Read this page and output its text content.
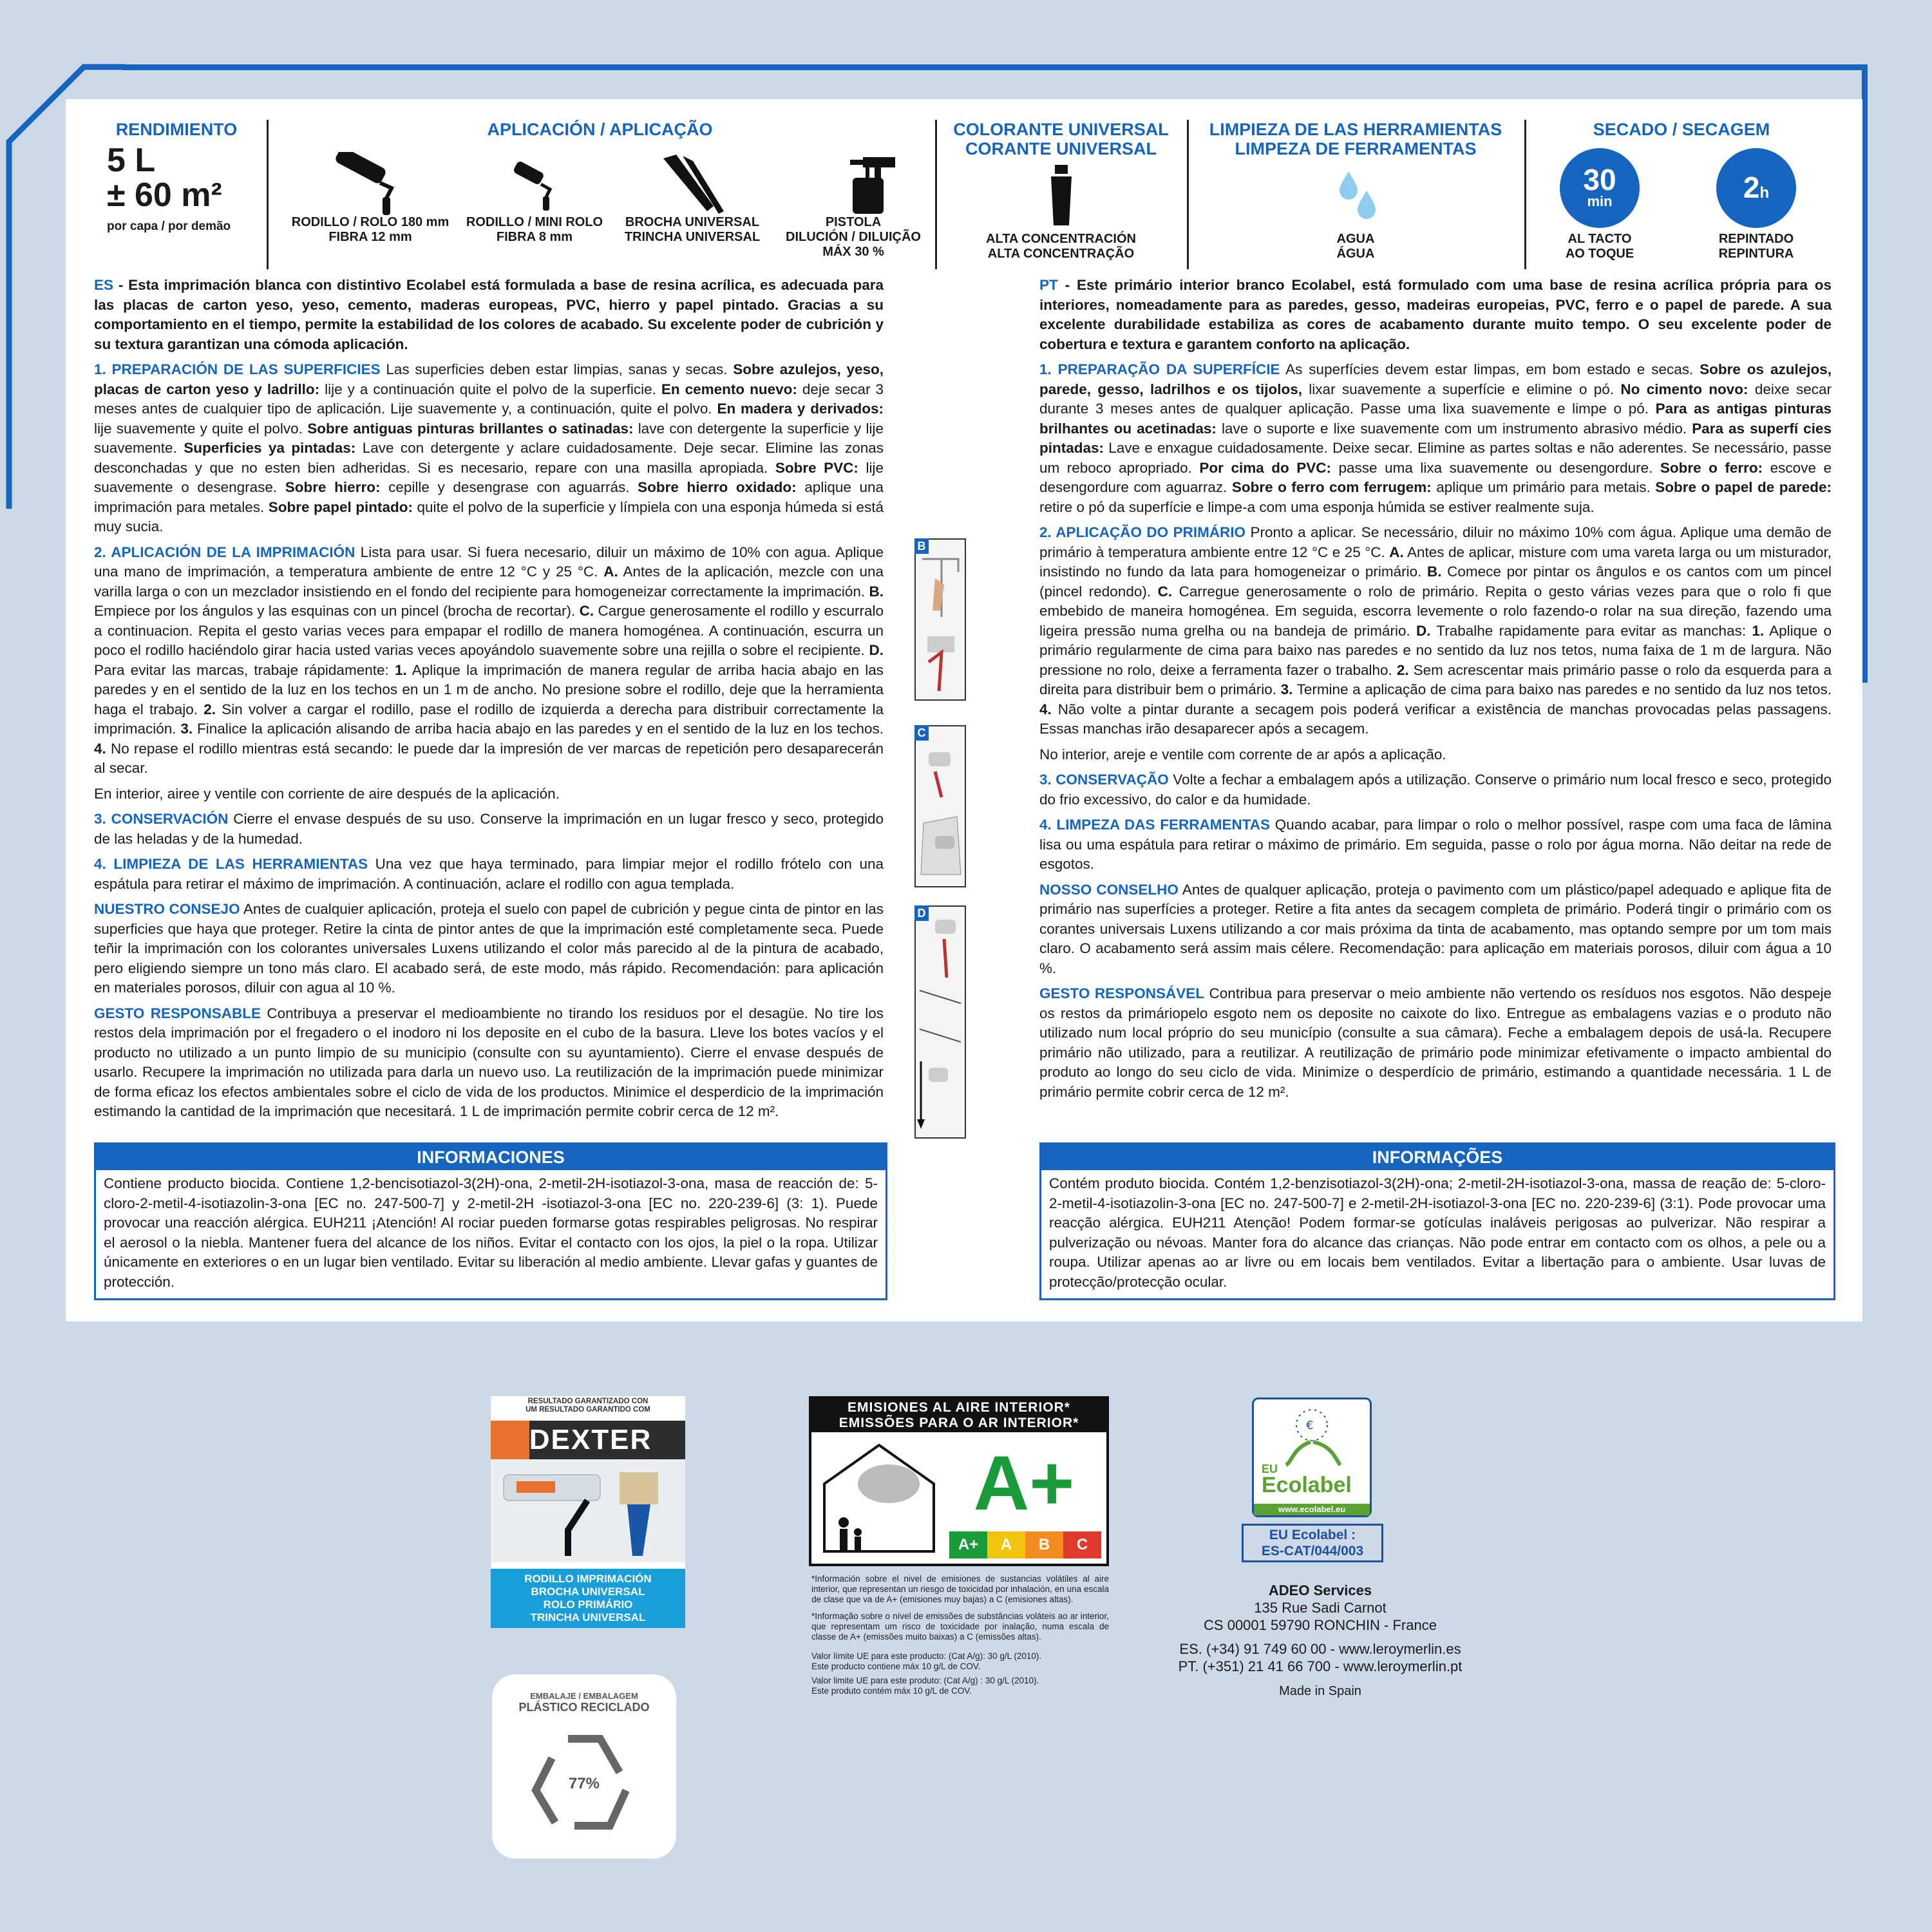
RENDIMIENTO
5 L
± 60 m²
por capa / por demão
APLICACIÓN / APLICAÇÃO
RODILLO / ROLO 180 mm
FIBRA 12 mm
RODILLO / MINI ROLO
FIBRA 8 mm
BROCHA UNIVERSAL
TRINCHA UNIVERSAL
PISTOLA
DILUCIÓN / DILUIÇÃO
MÁX 30 %
COLORANTE UNIVERSAL
CORANTE UNIVERSAL
ALTA CONCENTRACIÓN
ALTA CONCENTRAÇÃO
LIMPIEZA DE LAS HERRAMIENTAS
LIMPEZA DE FERRAMENTAS
AGUA
ÁGUA
SECADO / SECAGEM
30
min	2h
AL TACTO
AO TOQUE
REPINTADO
REPINTURA

ES - Esta imprimación blanca con distintivo Ecolabel está formulada a base de resina acrílica, es adecuada para las placas de carton yeso, yeso, cemento, maderas europeas, PVC, hierro y papel pintado. Gracias a su comportamiento en el tiempo, permite la estabilidad de los colores de acabado. Su excelente poder de cubrición y su textura garantizan una cómoda aplicación.

1. PREPARACIÓN DE LAS SUPERFICIES Las superficies deben estar limpias, sanas y secas. Sobre azulejos, yeso, placas de carton yeso y ladrillo: lije y a continuación quite el polvo de la superficie. En cemento nuevo: deje secar 3 meses antes de cualquier tipo de aplicación. Lije suavemente y, a continuación, quite el polvo. En madera y derivados: lije suavemente y quite el polvo. Sobre antiguas pinturas brillantes o satinadas: lave con detergente la superficie y lije suavemente. Superficies ya pintadas: Lave con detergente y aclare cuidadosamente. Deje secar. Elimine las zonas desconchadas y que no esten bien adheridas. Si es necesario, repare con una masilla apropiada. Sobre PVC: lije suavemente o desengrase. Sobre hierro: cepille y desengrase con aguarrás. Sobre hierro oxidado: aplique una imprimación para metales. Sobre papel pintado: quite el polvo de la superficie y límpiela con una esponja húmeda si está muy sucia.

2. APLICACIÓN DE LA IMPRIMACIÓN Lista para usar. Si fuera necesario, diluir un máximo de 10% con agua. Aplique una mano de imprimación, a temperatura ambiente de entre 12 °C y 25 °C. A. Antes de la aplicación, mezcle con una varilla larga o con un mezclador insistiendo en el fondo del recipiente para homogeneizar correctamente la imprimación. B. Empiece por los ángulos y las esquinas con un pincel (brocha de recortar). C. Cargue generosamente el rodillo y escurralo a continuacion. Repita el gesto varias veces para empapar el rodillo de manera homogénea. A continuación, escurra un poco el rodillo haciéndolo girar hacia usted varias veces apoyándolo suavemente sobre una rejilla o sobre el recipiente. D. Para evitar las marcas, trabaje rápidamente: 1. Aplique la imprimación de manera regular de arriba hacia abajo en las paredes y en el sentido de la luz en los techos en un 1 m de ancho. No presione sobre el rodillo, deje que la herramienta haga el trabajo. 2. Sin volver a cargar el rodillo, pase el rodillo de izquierda a derecha para distribuir correctamente la imprimación. 3. Finalice la aplicación alisando de arriba hacia abajo en las paredes y en el sentido de la luz en los techos. 4. No repase el rodillo mientras está secando: le puede dar la impresión de ver marcas de repetición pero desaparecerán al secar.

En interior, airee y ventile con corriente de aire después de la aplicación.

3. CONSERVACIÓN Cierre el envase después de su uso. Conserve la imprimación en un lugar fresco y seco, protegido de las heladas y de la humedad.

4. LIMPIEZA DE LAS HERRAMIENTAS Una vez que haya terminado, para limpiar mejor el rodillo frótelo con una espátula para retirar el máximo de imprimación. A continuación, aclare el rodillo con agua templada.

NUESTRO CONSEJO Antes de cualquier aplicación, proteja el suelo con papel de cubrición y pegue cinta de pintor en las superficies que haya que proteger. Retire la cinta de pintor antes de que la imprimación esté completamente seca. Puede teñir la imprimación con los colorantes universales Luxens utilizando el color más parecido al de la pintura de acabado, pero eligiendo siempre un tono más claro. El acabado será, de este modo, más rápido. Recomendación: para aplicación en materiales porosos, diluir con agua al 10 %.

GESTO RESPONSABLE Contribuya a preservar el medioambiente no tirando los residuos por el desagüe. No tire los restos dela imprimación por el fregadero o el inodoro ni los deposite en el cubo de la basura. Lleve los botes vacíos y el producto no utilizado a un punto limpio de su municipio (consulte con su ayuntamiento). Cierre el envase después de usarlo. Recupere la imprimación no utilizada para darla un nuevo uso. La reutilización de la imprimación puede minimizar de forma eficaz los efectos ambientales sobre el ciclo de vida de los productos. Minimice el desperdicio de la imprimación estimando la cantidad de la imprimación que necesitará. 1 L de imprimación permite cobrir cerca de 12 m².

INFORMACIONES
Contiene producto biocida. Contiene 1,2-bencisotiazol-3(2H)-ona, 2-metil-2H-isotiazol-3-ona, masa de reacción de: 5-cloro-2-metil-4-isotiazolin-3-ona [EC no. 247-500-7] y 2-metil-2H -isotiazol-3-ona [EC no. 220-239-6] (3: 1). Puede provocar una reacción alérgica. EUH211 ¡Atención! Al rociar pueden formarse gotas respirables peligrosas. No respirar el aerosol o la niebla. Mantener fuera del alcance de los niños. Evitar el contacto con los ojos, la piel o la ropa. Utilizar únicamente en exteriores o en un lugar bien ventilado. Evitar su liberación al medio ambiente. Llevar gafas y guantes de protección.
B
C
D

PT - Este primário interior branco Ecolabel, está formulado com uma base de resina acrílica própria para os interiores, nomeadamente para as paredes, gesso, madeiras europeias, PVC, ferro e o papel de parede. A sua excelente durabilidade estabiliza as cores de acabamento durante muito tempo. O seu excelente poder de cobertura e textura e garantem conforto na aplicação.

1. PREPARAÇÃO DA SUPERFÍCIE As superfícies devem estar limpas, em bom estado e secas. Sobre os azulejos, parede, gesso, ladrilhos e os tijolos, lixar suavemente a superfície e elimine o pó. No cimento novo: deixe secar durante 3 meses antes de qualquer aplicação. Passe uma lixa suavemente e limpe o pó. Para as antigas pinturas brilhantes ou acetinadas: lave o suporte e lixe suavemente com um instrumento abrasivo médio. Para as superfí cies pintadas: Lave e enxague cuidadosamente. Deixe secar. Elimine as partes soltas e não aderentes. Se necessário, passe um reboco apropriado. Por cima do PVC: passe uma lixa suavemente ou desengordure. Sobre o ferro: escove e desengordure com aguarraz. Sobre o ferro com ferrugem: aplique um primário para metais. Sobre o papel de parede: retire o pó da superfície e limpe-a com uma esponja húmida se estiver realmente suja.

2. APLICAÇÃO DO PRIMÁRIO Pronto a aplicar. Se necessário, diluir no máximo 10% com água. Aplique uma demão de primário à temperatura ambiente entre 12 °C e 25 °C. A. Antes de aplicar, misture com uma vareta larga ou um misturador, insistindo no fundo da lata para homogeneizar o primário. B. Comece por pintar os ângulos e os cantos com um pincel (pincel redondo). C. Carregue generosamente o rolo de primário. Repita o gesto várias vezes para que o rolo fi que embebido de maneira homogénea. Em seguida, escorra levemente o rolo fazendo-o rolar na sua direção, fazendo uma ligeira pressão numa grelha ou na bandeja de primário. D. Trabalhe rapidamente para evitar as manchas: 1. Aplique o primário regularmente de cima para baixo nas paredes e no sentido da luz nos tetos, numa faixa de 1 m de largura. Não pressione no rolo, deixe a ferramenta fazer o trabalho. 2. Sem acrescentar mais primário passe o rolo da esquerda para a direita para distribuir bem o primário. 3. Termine a aplicação de cima para baixo nas paredes e no sentido da luz nos tetos. 4. Não volte a pintar durante a secagem pois poderá verificar a existência de manchas provocadas pelas passagens. Essas manchas irão desaparecer após a secagem.

No interior, areje e ventile com corrente de ar após a aplicação.

3. CONSERVAÇÃO Volte a fechar a embalagem após a utilização. Conserve o primário num local fresco e seco, protegido do frio excessivo, do calor e da humidade.

4. LIMPEZA DAS FERRAMENTAS Quando acabar, para limpar o rolo o melhor possível, raspe com uma faca de lâmina lisa ou uma espátula para retirar o máximo de primário. Em seguida, passe o rolo por água morna. Não deitar na rede de esgotos.

NOSSO CONSELHO Antes de qualquer aplicação, proteja o pavimento com um plástico/papel adequado e aplique fita de primário nas superfícies a proteger. Retire a fita antes da secagem completa de primário. Poderá tingir o primário com os corantes universais Luxens utilizando a cor mais próxima da tinta de acabamento, mas optando sempre por um tom mais claro. O acabamento será assim mais célere. Recomendação: para aplicação em materiais porosos, diluir com água a 10 %.

GESTO RESPONSÁVEL Contribua para preservar o meio ambiente não vertendo os resíduos nos esgotos. Não despeje os restos da primáriopelo esgoto nem os deposite no caixote do lixo. Entregue as embalagens vazias e o produto não utilizado num local próprio do seu município (consulte a sua câmara). Feche a embalagem depois de usá-la. Recupere primário não utilizado, para a reutilizar. A reutilização de primário pode minimizar efetivamente o impacto ambiental do produto ao longo do seu ciclo de vida. Minimize o desperdício de primário, estimando a quantidade necessária. 1 L de primário permite cobrir cerca de 12 m².

INFORMAÇÕES
Contém produto biocida. Contém 1,2-benzisotiazol-3(2H)-ona; 2-metil-2H-isotiazol-3-ona, massa de reação de: 5-cloro-2-metil-4-isotiazolin-3-ona [EC no. 247-500-7] e 2-metil-2H-isotiazol-3-ona [EC no. 220-239-6] (3:1). Pode provocar uma reacção alérgica. EUH211 Atenção! Podem formar-se gotículas inaláveis perigosas ao pulverizar. Não respirar a pulverização ou névoas. Manter fora do alcance das crianças. Não pode entrar em contacto com os olhos, a pele ou a roupa. Utilizar apenas ao ar livre ou em locais bem ventilados. Evitar a libertação para o ambiente. Usar luvas de protecção/protecção ocular.
RESULTADO GARANTIZADO CON
UM RESULTADO GARANTIDO COM
DEXTER
RODILLO IMPRIMACIÓN
BROCHA UNIVERSAL
ROLO PRIMÁRIO
TRINCHA UNIVERSAL
EMBALAJE / EMBALAGEM
PLÁSTICO RECICLADO
77%
EMISIONES AL AIRE INTERIOR*
EMISSÕES PARA O AR INTERIOR*
A+
A+	A	B	C
*Información sobre el nivel de emisiones de sustancias volátiles al aire interior, que representan un riesgo de toxicidad por inhalación, en una escala de clase que va de A+ (emisiones muy bajas) a C (emisiones altas).
*Informação sobre o nível de emissões de substâncias voláteis ao ar interior, que representam um risco de toxicidade por inalação, numa escala de classe de A+ (emissões muito baixas) a C (emissões altas).
Valor límite UE para este producto: (Cat A/g): 30 g/L (2010).
Este producto contiene máx 10 g/L de COV.
Valor limite UE para este produto: (Cat A/g) : 30 g/L (2010).
Este produto contém máx 10 g/L de COV.
€
EU
Ecolabel
www.ecolabel.eu
EU Ecolabel :
ES-CAT/044/003
ADEO Services
135 Rue Sadi Carnot
CS 00001 59790 RONCHIN - France
ES. (+34) 91 749 60 00 - www.leroymerlin.es
PT. (+351) 21 41 66 700 - www.leroymerlin.pt
Made in Spain
